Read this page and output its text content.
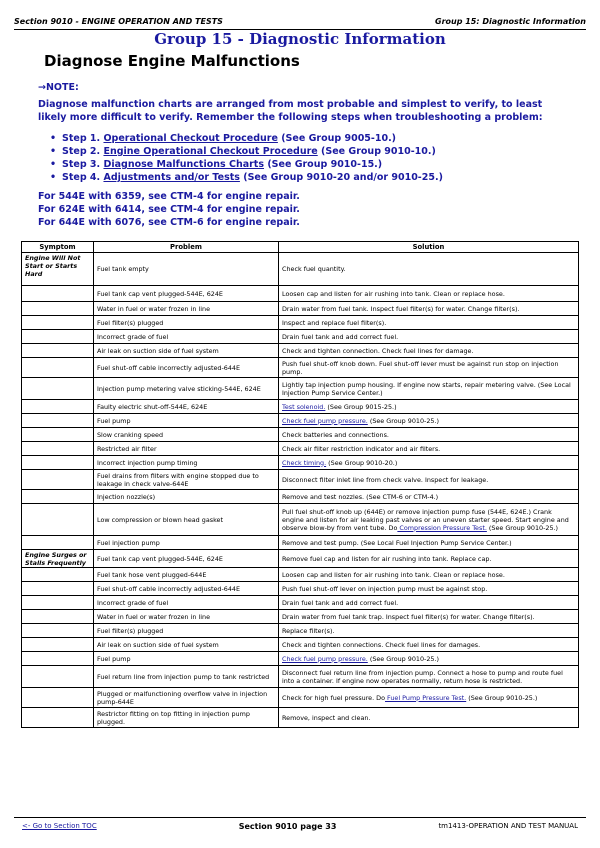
Section 9010 - ENGINE OPERATION AND TESTS	Group 15: Diagnostic Information
Group 15 - Diagnostic Information
Diagnose Engine Malfunctions
→NOTE:
Diagnose malfunction charts are arranged from most probable and simplest to verify, to least likely more difficult to verify. Remember the following steps when troubleshooting a problem:
• Step 1. Operational Checkout Procedure (See Group 9005-10.)
• Step 2. Engine Operational Checkout Procedure (See Group 9010-10.)
• Step 3. Diagnose Malfunctions Charts (See Group 9010-15.)
• Step 4. Adjustments and/or Tests (See Group 9010-20 and/or 9010-25.)
For 544E with 6359, see CTM-4 for engine repair.
For 624E with 6414, see CTM-4 for engine repair.
For 644E with 6076, see CTM-6 for engine repair.
Symptom	Problem	Solution
Engine Will Not Start or Starts Hard	Fuel tank empty	Check fuel quantity.
	Fuel tank cap vent plugged-544E, 624E	Loosen cap and listen for air rushing into tank. Clean or replace hose.
	Water in fuel or water frozen in line	Drain water from fuel tank. Inspect fuel filter(s) for water. Change filter(s).
	Fuel filter(s) plugged	Inspect and replace fuel filter(s).
	Incorrect grade of fuel	Drain fuel tank and add correct fuel.
	Air leak on suction side of fuel system	Check and tighten connection. Check fuel lines for damage.
	Fuel shut-off cable incorrectly adjusted-644E	Push fuel shut-off knob down. Fuel shut-off lever must be against run stop on injection pump.
	Injection pump metering valve sticking-544E, 624E	Lightly tap injection pump housing. If engine now starts, repair metering valve. (See Local Injection Pump Service Center.)
	Faulty electric shut-off-544E, 624E	Test solenoid. (See Group 9015-25.)
	Fuel pump	Check fuel pump pressure. (See Group 9010-25.)
	Slow cranking speed	Check batteries and connections.
	Restricted air filter	Check air filter restriction indicator and air filters.
	Incorrect injection pump timing	Check timing. (See Group 9010-20.)
	Fuel drains from filters with engine stopped due to leakage in check valve-644E	Disconnect filter inlet line from check valve. Inspect for leakage.
	Injection nozzle(s)	Remove and test nozzles. (See CTM-6 or CTM-4.)
	Low compression or blown head gasket	Pull fuel shut-off knob up (644E) or remove injection pump fuse (544E, 624E.) Crank engine and listen for air leaking past valves or an uneven starter speed. Start engine and observe blow-by from vent tube. Do Compression Pressure Test. (See Group 9010-25.)
	Fuel injection pump	Remove and test pump. (See Local Fuel Injection Pump Service Center.)
Engine Surges or Stalls Frequently	Fuel tank cap vent plugged-544E, 624E	Remove fuel cap and listen for air rushing into tank. Replace cap.
	Fuel tank hose vent plugged-644E	Loosen cap and listen for air rushing into tank. Clean or replace hose.
	Fuel shut-off cable incorrectly adjusted-644E	Push fuel shut-off lever on injection pump must be against stop.
	Incorrect grade of fuel	Drain fuel tank and add correct fuel.
	Water in fuel or water frozen in line	Drain water from fuel tank trap. Inspect fuel filter(s) for water. Change filter(s).
	Fuel filter(s) plugged	Replace filter(s).
	Air leak on suction side of fuel system	Check and tighten connections. Check fuel lines for damages.
	Fuel pump	Check fuel pump pressure. (See Group 9010-25.)
	Fuel return line from injection pump to tank restricted	Disconnect fuel return line from injection pump. Connect a hose to pump and route fuel into a container. If engine now operates normally, return hose is restricted.
	Plugged or malfunctioning overflow valve in injection pump-644E	Check for high fuel pressure. Do Fuel Pump Pressure Test. (See Group 9010-25.)
	Restrictor fitting on top fitting in injection pump plugged.	Remove, inspect and clean.
<- Go to Section TOC	Section 9010 page 33	tm1413-OPERATION AND TEST MANUAL
